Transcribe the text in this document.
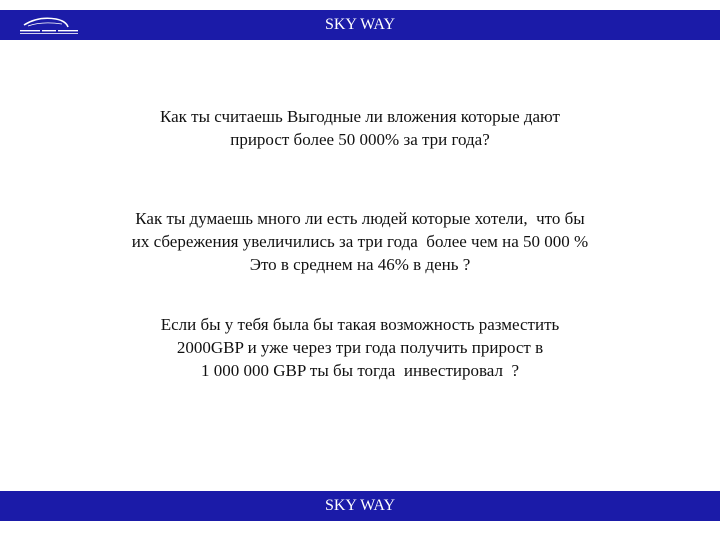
SKY WAY
Как ты считаешь Выгодные ли вложения которые дают
прирост более 50 000% за три года?
Как ты думаешь много ли есть людей которые хотели,  что бы
их сбережения увеличились за три года  более чем на 50 000 %
Это в среднем на 46% в день ?
Если бы у тебя была бы такая возможность разместить
2000GBP и уже через три года получить прирост в
1 000 000 GBP ты бы тогда  инвестировал  ?
SKY WAY
